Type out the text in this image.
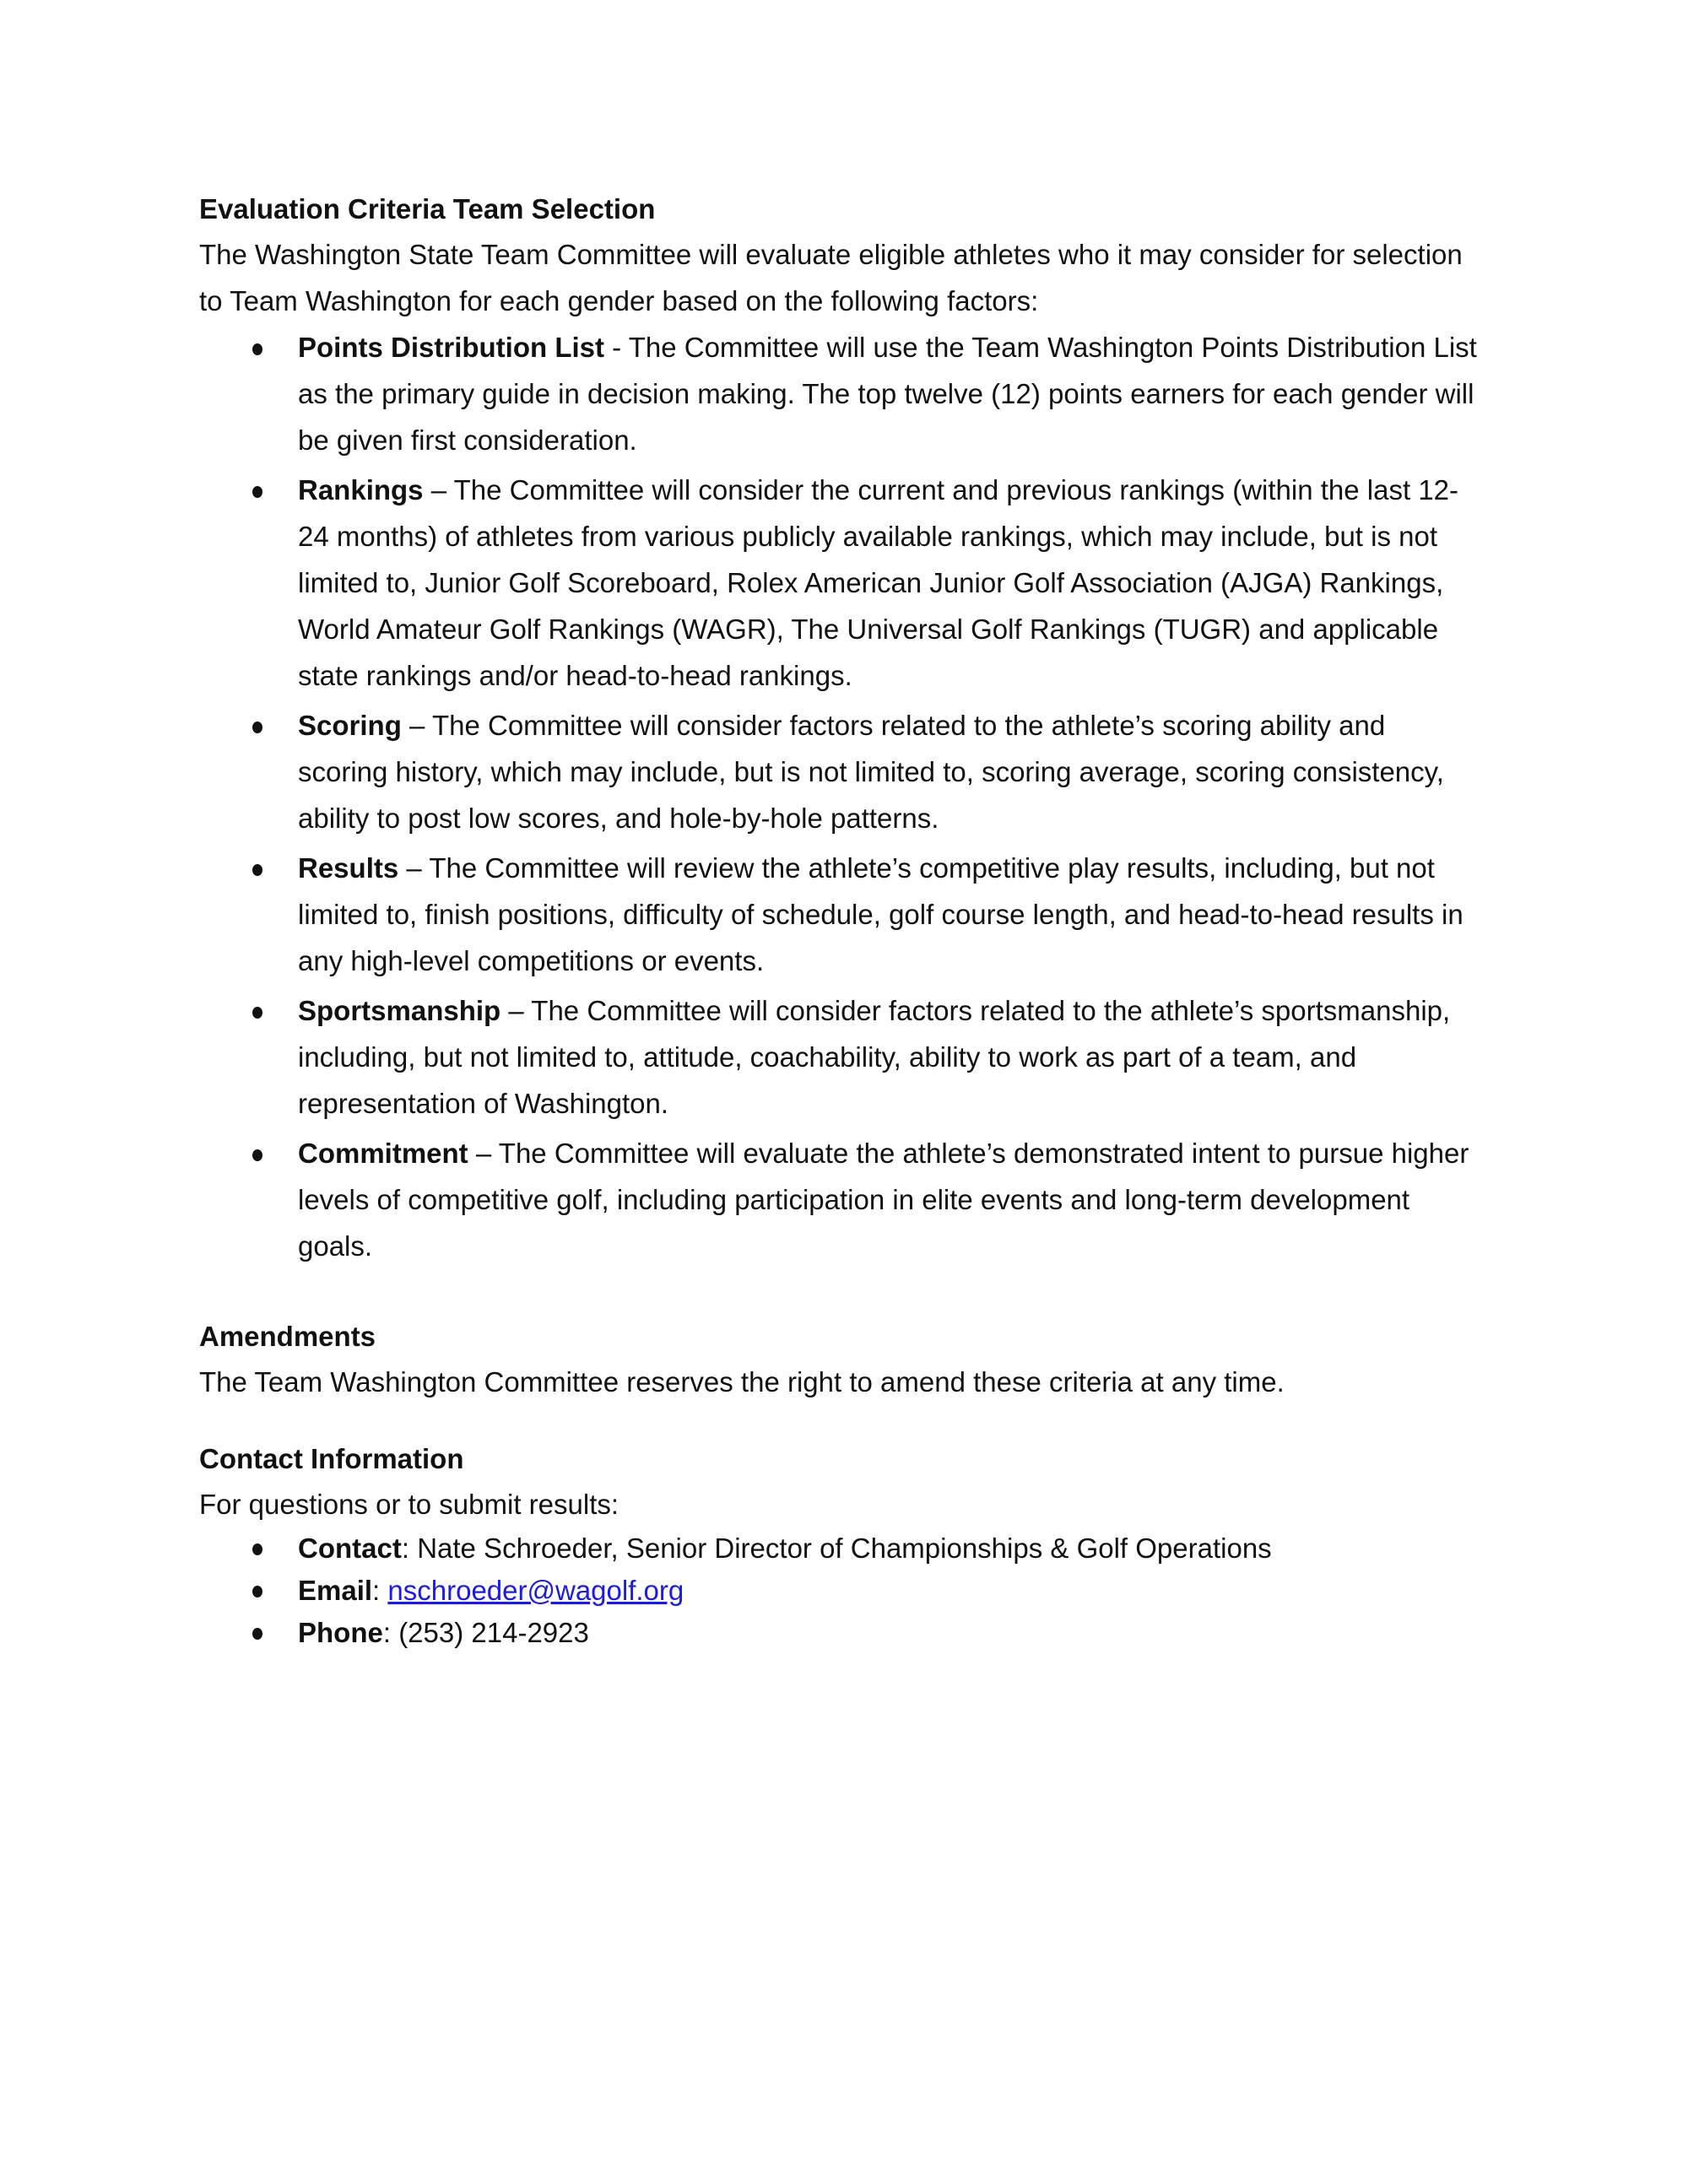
Evaluation Criteria Team Selection

The Washington State Team Committee will evaluate eligible athletes who it may consider for selection to Team Washington for each gender based on the following factors:

Points Distribution List - The Committee will use the Team Washington Points Distribution List as the primary guide in decision making. The top twelve (12) points earners for each gender will be given first consideration.
Rankings – The Committee will consider the current and previous rankings (within the last 12-24 months) of athletes from various publicly available rankings, which may include, but is not limited to, Junior Golf Scoreboard, Rolex American Junior Golf Association (AJGA) Rankings, World Amateur Golf Rankings (WAGR), The Universal Golf Rankings (TUGR) and applicable state rankings and/or head-to-head rankings.
Scoring – The Committee will consider factors related to the athlete’s scoring ability and scoring history, which may include, but is not limited to, scoring average, scoring consistency, ability to post low scores, and hole-by-hole patterns.
Results – The Committee will review the athlete’s competitive play results, including, but not limited to, finish positions, difficulty of schedule, golf course length, and head-to-head results in any high-level competitions or events.
Sportsmanship – The Committee will consider factors related to the athlete’s sportsmanship, including, but not limited to, attitude, coachability, ability to work as part of a team, and representation of Washington.
Commitment – The Committee will evaluate the athlete’s demonstrated intent to pursue higher levels of competitive golf, including participation in elite events and long-term development goals.

Amendments

The Team Washington Committee reserves the right to amend these criteria at any time.

Contact Information

For questions or to submit results:

Contact: Nate Schroeder, Senior Director of Championships & Golf Operations
Email: nschroeder@wagolf.org
Phone: (253) 214-2923
